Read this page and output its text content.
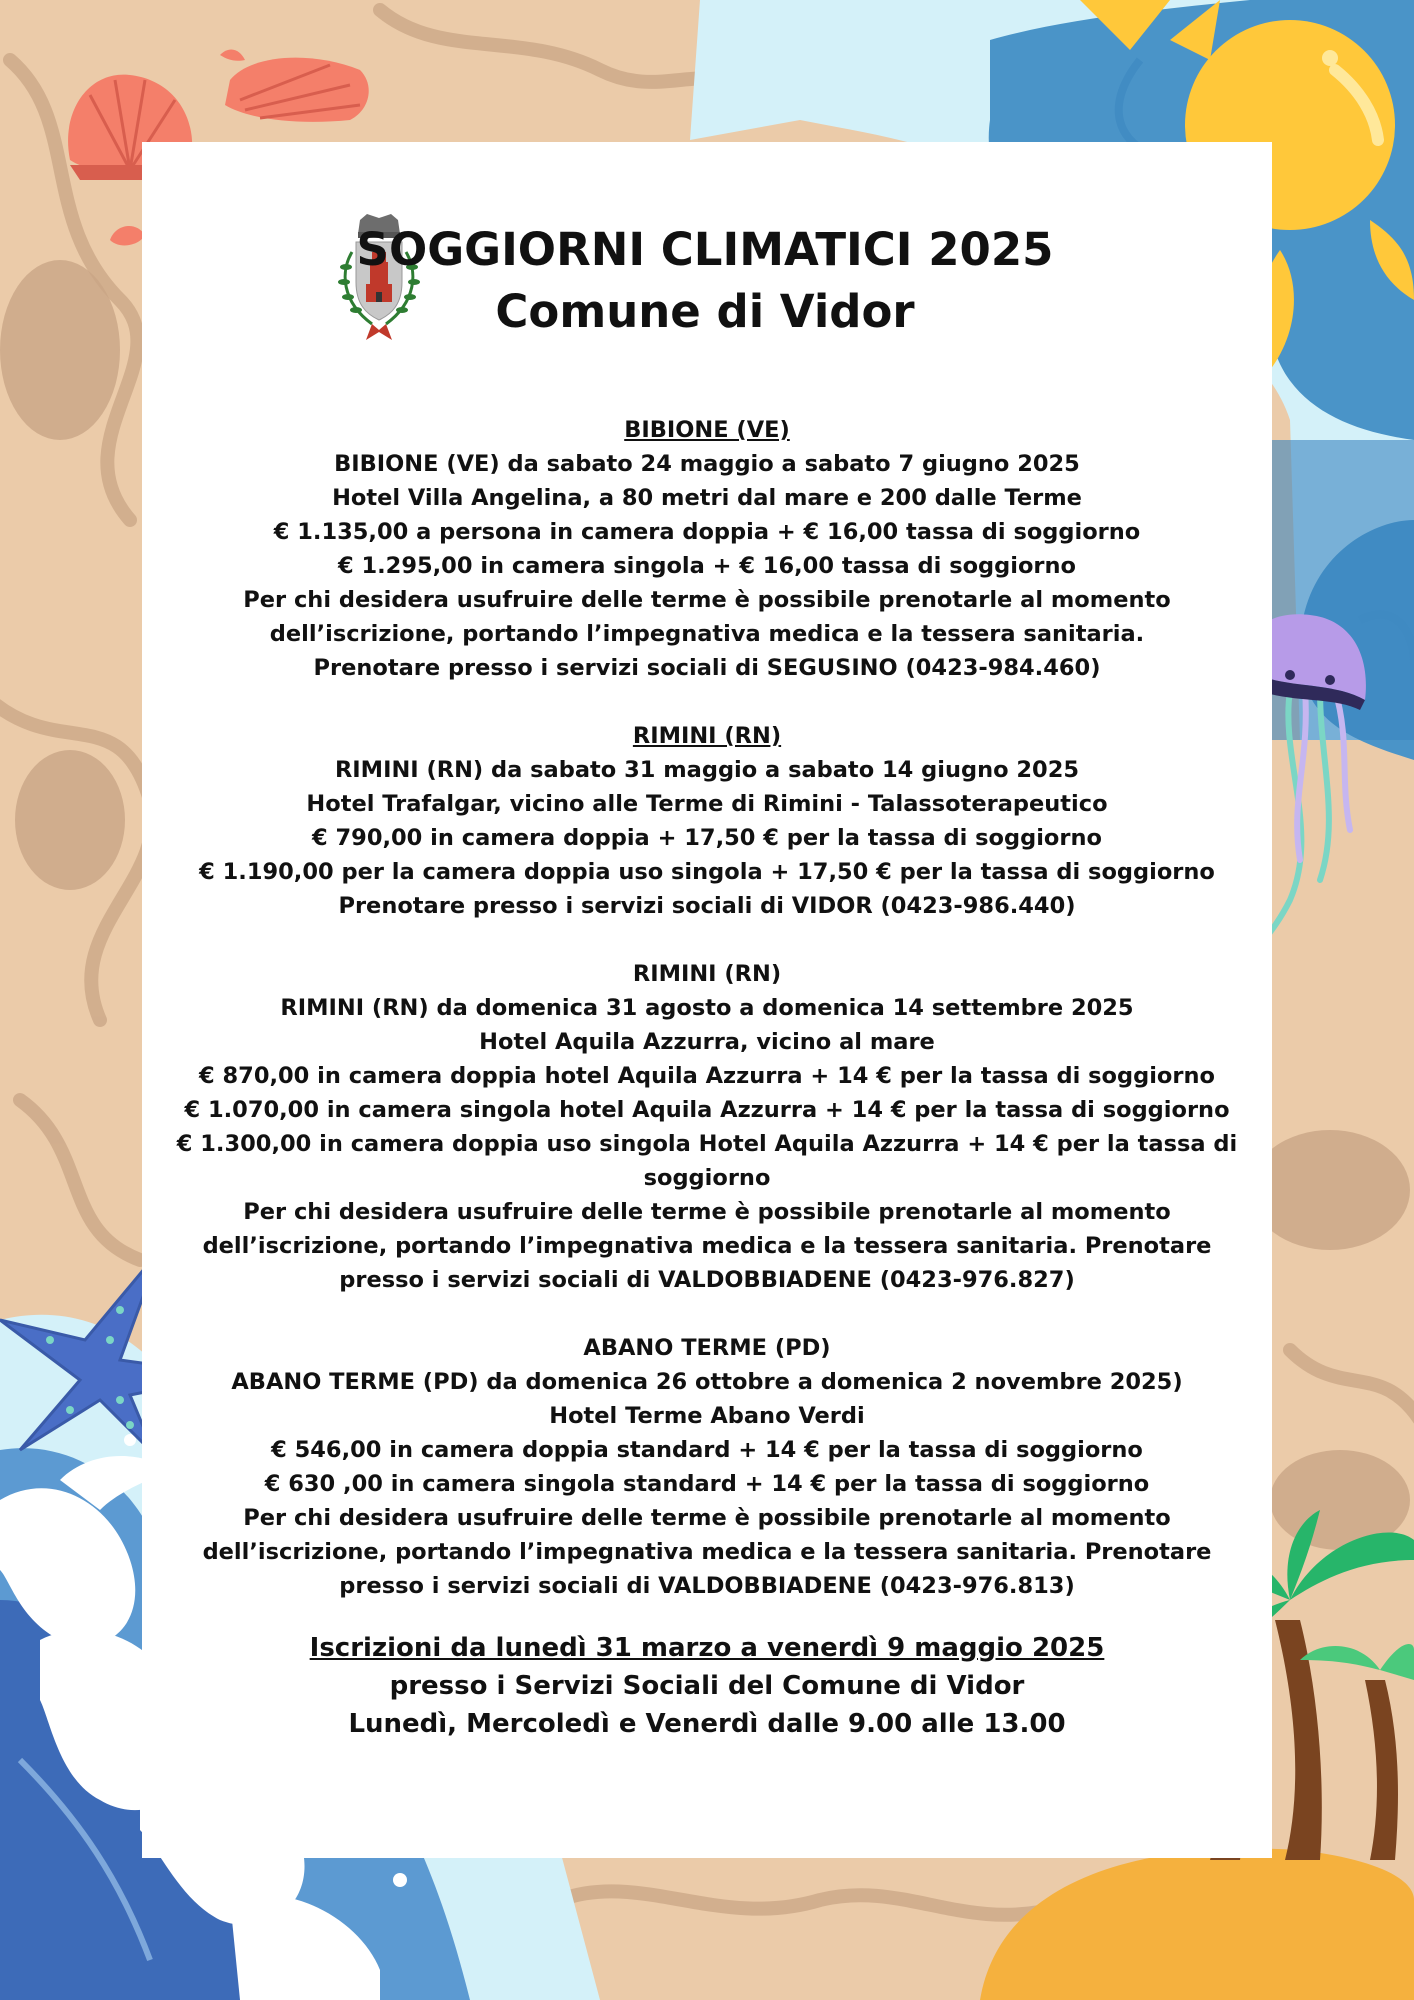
SOGGIORNI CLIMATICI 2025
Comune di Vidor

BIBIONE (VE)

BIBIONE (VE) da sabato 24 maggio a sabato 7 giugno 2025

Hotel Villa Angelina, a 80 metri dal mare e 200 dalle Terme

€ 1.135,00 a persona in camera doppia + € 16,00 tassa di soggiorno

€ 1.295,00 in camera singola + € 16,00 tassa di soggiorno

Per chi desidera usufruire delle terme è possibile prenotarle al momento

dell’iscrizione, portando l’impegnativa medica e la tessera sanitaria.

Prenotare presso i servizi sociali di SEGUSINO (0423-984.460)

RIMINI (RN)

RIMINI (RN) da sabato 31 maggio a sabato 14 giugno 2025

Hotel Trafalgar, vicino alle Terme di Rimini - Talassoterapeutico

€ 790,00 in camera doppia + 17,50 € per la tassa di soggiorno

€ 1.190,00 per la camera doppia uso singola + 17,50 € per la tassa di soggiorno

Prenotare presso i servizi sociali di VIDOR (0423-986.440)

RIMINI (RN)

RIMINI (RN) da domenica 31 agosto a domenica 14 settembre 2025

Hotel Aquila Azzurra, vicino al mare

€ 870,00 in camera doppia hotel Aquila Azzurra + 14 € per la tassa di soggiorno

€ 1.070,00 in camera singola hotel Aquila Azzurra + 14 € per la tassa di soggiorno

€ 1.300,00 in camera doppia uso singola Hotel Aquila Azzurra + 14 € per la tassa di

soggiorno

Per chi desidera usufruire delle terme è possibile prenotarle al momento

dell’iscrizione, portando l’impegnativa medica e la tessera sanitaria. Prenotare

presso i servizi sociali di VALDOBBIADENE (0423-976.827)

ABANO TERME (PD)

ABANO TERME (PD) da domenica 26 ottobre a domenica 2 novembre 2025)

Hotel Terme Abano Verdi

€ 546,00 in camera doppia standard + 14 € per la tassa di soggiorno

€ 630 ,00 in camera singola standard + 14 € per la tassa di soggiorno

Per chi desidera usufruire delle terme è possibile prenotarle al momento

dell’iscrizione, portando l’impegnativa medica e la tessera sanitaria. Prenotare

presso i servizi sociali di VALDOBBIADENE (0423-976.813)

Iscrizioni da lunedì 31 marzo a venerdì 9 maggio 2025

presso i Servizi Sociali del Comune di Vidor

Lunedì, Mercoledì e Venerdì dalle 9.00 alle 13.00
